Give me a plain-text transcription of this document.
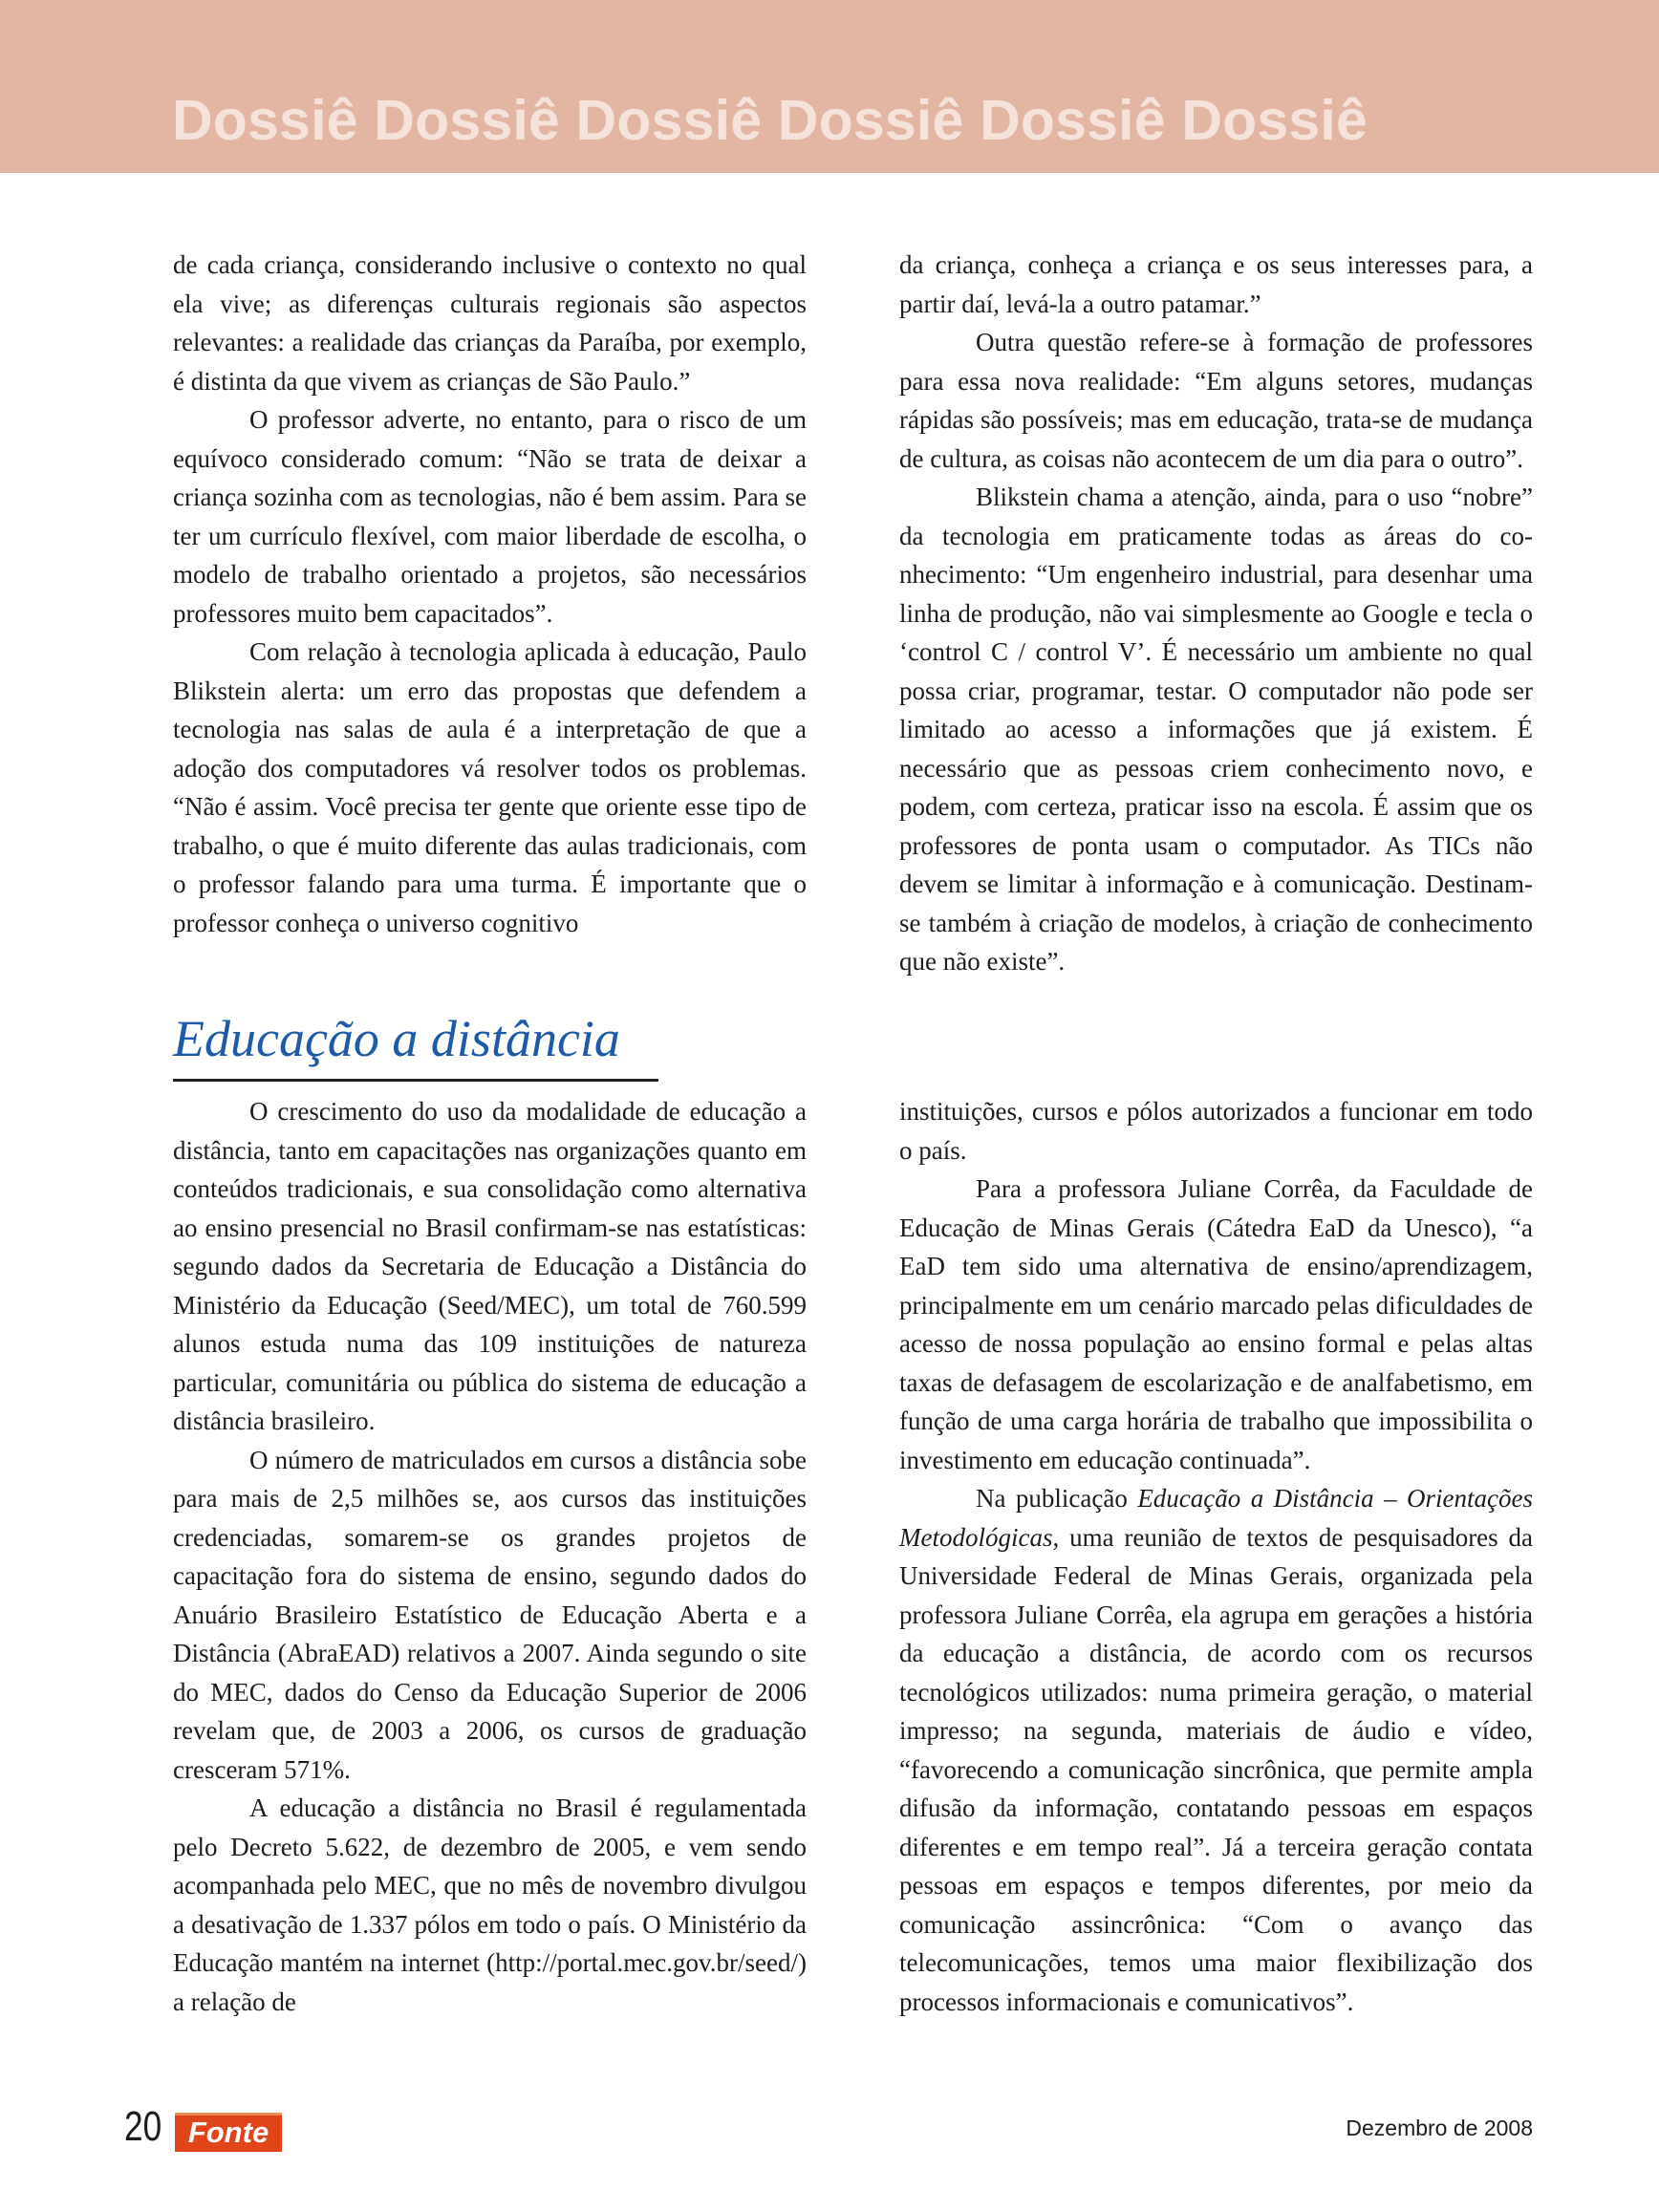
Dossiê Dossiê Dossiê Dossiê Dossiê Dossiê

de cada criança, considerando inclusive o contexto no qual ela vive; as diferenças culturais regionais são aspectos relevantes: a realidade das crianças da Paraíba, por exemplo, é distinta da que vivem as crianças de São Paulo.”

O professor adverte, no entanto, para o risco de um equívoco considerado comum: “Não se trata de deixar a criança sozinha com as tecnologias, não é bem assim. Para se ter um currículo flexível, com maior liberdade de escolha, o modelo de trabalho orientado a projetos, são necessários professores muito bem capacitados”.

Com relação à tecnologia aplicada à educação, Paulo Blikstein alerta: um erro das propostas que defendem a tecnologia nas salas de aula é a interpretação de que a adoção dos computadores vá resolver todos os problemas. “Não é assim. Você precisa ter gente que oriente esse tipo de trabalho, o que é muito diferente das aulas tradicionais, com o professor falando para uma turma. É importante que o professor conheça o universo cognitivo

da criança, conheça a criança e os seus interesses para, a partir daí, levá-la a outro patamar.”

Outra questão refere-se à formação de professores para essa nova realidade: “Em alguns setores, mudanças rápidas são possíveis; mas em educação, trata-se de mudança de cultura, as coisas não acontecem de um dia para o outro”.

Blikstein chama a atenção, ainda, para o uso “nobre” da tecnologia em praticamente todas as áreas do conhecimento: “Um engenheiro industrial, para desenhar uma linha de produção, não vai simplesmente ao Google e tecla o ‘control C / control V’. É necessário um ambiente no qual possa criar, programar, testar. O computador não pode ser limitado ao acesso a informações que já existem. É necessário que as pessoas criem conhecimento novo, e podem, com certeza, praticar isso na escola. É assim que os professores de ponta usam o computador. As TICs não devem se limitar à informação e à comunicação. Destinam-se também à criação de modelos, à criação de conhecimento que não existe”.

Educação a distância

O crescimento do uso da modalidade de educação a distância, tanto em capacitações nas organizações quanto em conteúdos tradicionais, e sua consolidação como alternativa ao ensino presencial no Brasil confirmam-se nas estatísticas: segundo dados da Secretaria de Educação a Distância do Ministério da Educação (Seed/MEC), um total de 760.599 alunos estuda numa das 109 instituições de natureza particular, comunitária ou pública do sistema de educação a distância brasileiro.

O número de matriculados em cursos a distância sobe para mais de 2,5 milhões se, aos cursos das instituições credenciadas, somarem-se os grandes projetos de capacitação fora do sistema de ensino, segundo dados do Anuário Brasileiro Estatístico de Educação Aberta e a Distância (AbraEAD) relativos a 2007. Ainda segundo o site do MEC, dados do Censo da Educação Superior de 2006 revelam que, de 2003 a 2006, os cursos de graduação cresceram 571%.

A educação a distância no Brasil é regulamentada pelo Decreto 5.622, de dezembro de 2005, e vem sendo acompanhada pelo MEC, que no mês de novembro divulgou a desativação de 1.337 pólos em todo o país. O Ministério da Educação mantém na internet (http://portal.mec.gov.br/seed/) a relação de

instituições, cursos e pólos autorizados a funcionar em todo o país.

Para a professora Juliane Corrêa, da Faculdade de Educação de Minas Gerais (Cátedra EaD da Unesco), “a EaD tem sido uma alternativa de ensino/aprendizagem, principalmente em um cenário marcado pelas dificuldades de acesso de nossa população ao ensino formal e pelas altas taxas de defasagem de escolarização e de analfabetismo, em função de uma carga horária de trabalho que impossibilita o investimento em educação continuada”.

Na publicação Educação a Distância – Orientações Metodológicas, uma reunião de textos de pesquisadores da Universidade Federal de Minas Gerais, organizada pela professora Juliane Corrêa, ela agrupa em gerações a história da educação a distância, de acordo com os recursos tecnológicos utilizados: numa primeira geração, o material impresso; na segunda, materiais de áudio e vídeo, “favorecendo a comunicação sincrônica, que permite ampla difusão da informação, contatando pessoas em espaços diferentes e em tempo real”. Já a terceira geração contata pessoas em espaços e tempos diferentes, por meio da comunicação assincrônica: “Com o avanço das telecomunicações, temos uma maior flexibilização dos processos informacionais e comunicativos”.

20 Fonte	Dezembro de 2008
